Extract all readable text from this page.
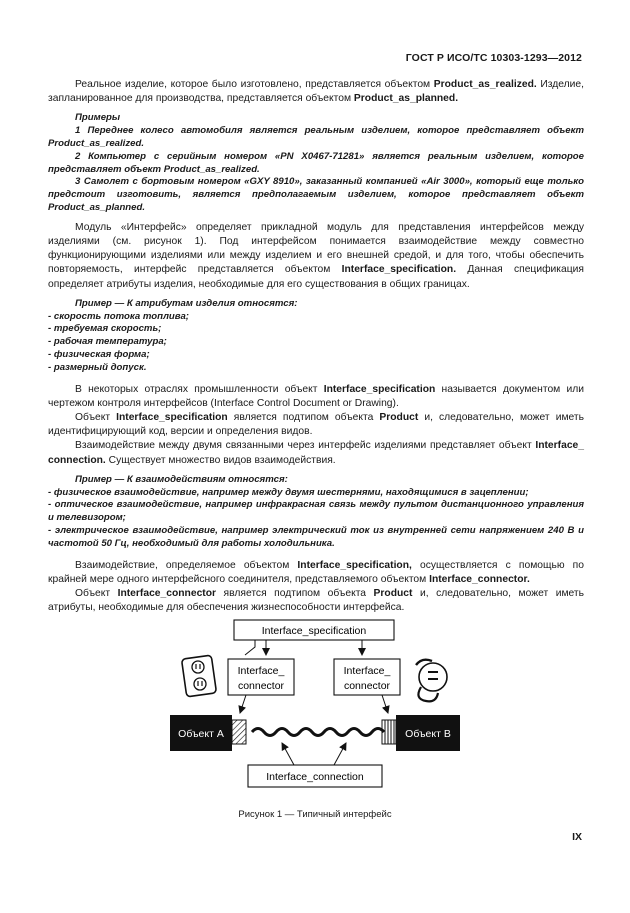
ГОСТ Р ИСО/ТС 10303-1293—2012

Реальное изделие, которое было изготовлено, представляется объектом Product_as_realized. Изделие, запланированное для производства, представляется объектом Product_as_planned.

Примеры

1 Переднее колесо автомобиля является реальным изделием, которое представляет объект Product_as_realized.

2 Компьютер с серийным номером «PN X0467-71281» является реальным изделием, которое представляет объект Product_as_realized.

3 Самолет с бортовым номером «GXY 8910», заказанный компанией «Air 3000», который еще только предстоит изготовить, является предполагаемым изделием, которое представляет объект Product_as_planned.

Модуль «Интерфейс» определяет прикладной модуль для представления интерфейсов между изделиями (см. рисунок 1). Под интерфейсом понимается взаимодействие между совместно функционирующими изделиями или между изделием и его внешней средой, и для того, чтобы обеспечить повторяемость, интерфейс представляется объектом Interface_specification. Данная спецификация определяет атрибуты изделия, необходимые для его существования в общих границах.

Пример — К атрибутам изделия относятся:

- скорость потока топлива;

- требуемая скорость;

- рабочая температура;

- физическая форма;

- размерный допуск.

В некоторых отраслях промышленности объект Interface_specification называется документом или чертежом контроля интерфейсов (Interface Control Document or Drawing).

Объект Interface_specification является подтипом объекта Product и, следовательно, может иметь идентифицирующий код, версии и определения видов.

Взаимодействие между двумя связанными через интерфейс изделиями представляет объект Interface_ connection. Существует множество видов взаимодействия.

Пример — К взаимодействиям относятся:

- физическое взаимодействие, например между двумя шестернями, находящимися в зацеплении;

- оптическое взаимодействие, например инфракрасная связь между пультом дистанционного управления и телевизором;

- электрическое взаимодействие, например электрический ток из внутренней сети напряжением 240 В и частотой 50 Гц, необходимый для работы холодильника.

Взаимодействие, определяемое объектом Interface_specification, осуществляется с помощью по крайней мере одного интерфейсного соединителя, представляемого объектом Interface_connector.

Объект Interface_connector является подтипом объекта Product и, следовательно, может иметь атрибуты, необходимые для обеспечения жизнеспособности интерфейса.

Interface_specification
Interface_
connector
Interface_
connector
Объект А	Объект В
Interface_connection
Рисунок 1 — Типичный интерфейс
IX
